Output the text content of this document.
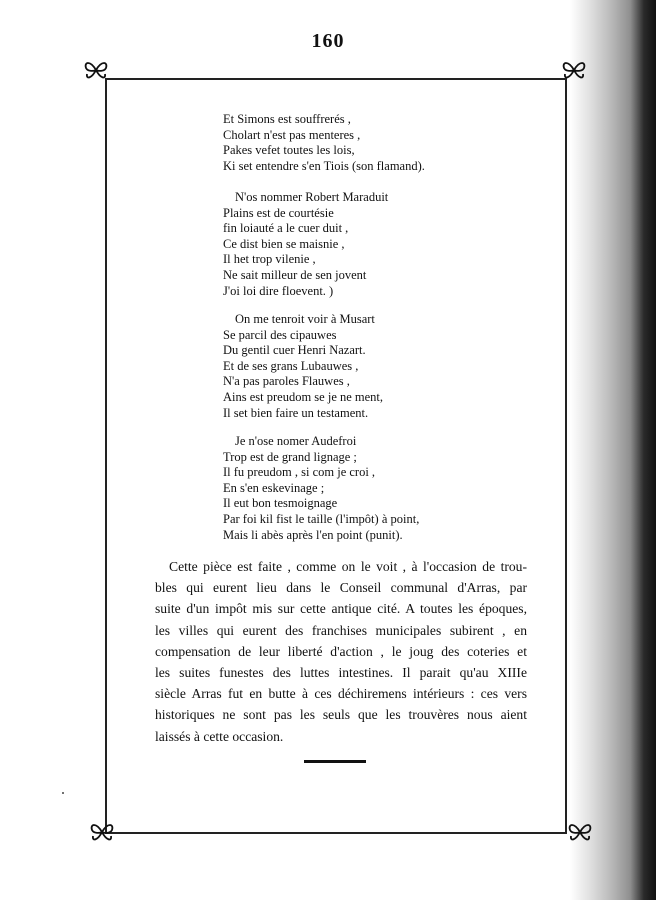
160
Et Simons est souffrerés ,
Cholart n'est pas menteres ,
Pakes vefet toutes les lois,
Ki set entendre s'en Tiois (son flamand).
N'os nommer Robert Maraduit
Plains est de courtésie
fin loiauté a le cuer duit ,
Ce dist bien se maisnie ,
Il het trop vilenie ,
Ne sait milleur de sen jovent
J'oi loi dire floevent. )
On me tenroit voir à Musart
Se parcil des cipauwes
Du gentil cuer Henri Nazart.
Et de ses grans Lubauwes ,
N'a pas paroles Flauwes ,
Ains est preudom se je ne ment,
Il set bien faire un testament.
Je n'ose nomer Audefroi
Trop est de grand lignage ;
Il fu preudom , si com je croi ,
En s'en eskevinage ;
Il eut bon tesmoignage
Par foi kil fist le taille (l'impôt) à point,
Mais li abès après l'en point (punit).
Cette pièce est faite , comme on le voit , à l'occasion de trou-
bles qui eurent lieu dans le Conseil communal d'Arras, par
suite d'un impôt mis sur cette antique cité. A toutes les époques,
les villes qui eurent des franchises municipales subirent , en
compensation de leur liberté d'action , le joug des coteries et
les suites funestes des luttes intestines. Il parait qu'au XIIIe
siècle Arras fut en butte à ces déchiremens intérieurs : ces vers
historiques ne sont pas les seuls que les trouvères nous aient
laissés à cette occasion.
